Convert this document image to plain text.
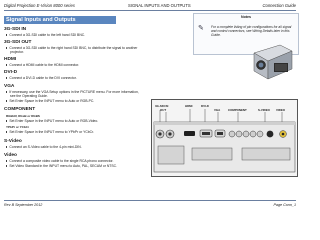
Digital Projection E-Vision 8000 series	SIGNAL INPUTS AND OUTPUTS	Connection Guide
Signal Inputs and Outputs	Notes
✎	For a complete listing of pin configurations for all signal and control connectors, see Wiring Details later in this Guide.
3G-SDI IN
Connect a 3G-SDI cable to the left hand SDI BNC.
3G-SDI OUT
Connect a 3G-SDI cable to the right hand SDI BNC, to distribute the signal to another
projector.
HDMI
Connect a HDMI cable to the HDMI connector.
DVI-D
Connect a DVI-D cable to the DVI connector.
VGA
If necessary, use the VGA Setup options in the PICTURE menu. For more information,
see the Operating Guide.
Set Enter Space in the INPUT menu to Auto or RGB-PC.
COMPONENT
RGBHV, RGsB or RGBS
Set Enter Space in the INPUT menu to Auto or RGB-Video.
YPbPr or YCbCr
Set Enter Space in the INPUT menu to YPbPr or YCbCr.
S-Video
Connect an S-Video cable to the 4-pin mini-DIN.
Video
Connect a composite video cable to the single RCA phono connector.
Set Video Standard in the INPUT menu to Auto, PAL, SECAM or NTSC.
3G-SDI IN
OUT
HDMI	DVI-D
VGA	COMPONENT	S-VIDEO VIDEO
Rev B September 2012	Page Conn_1
